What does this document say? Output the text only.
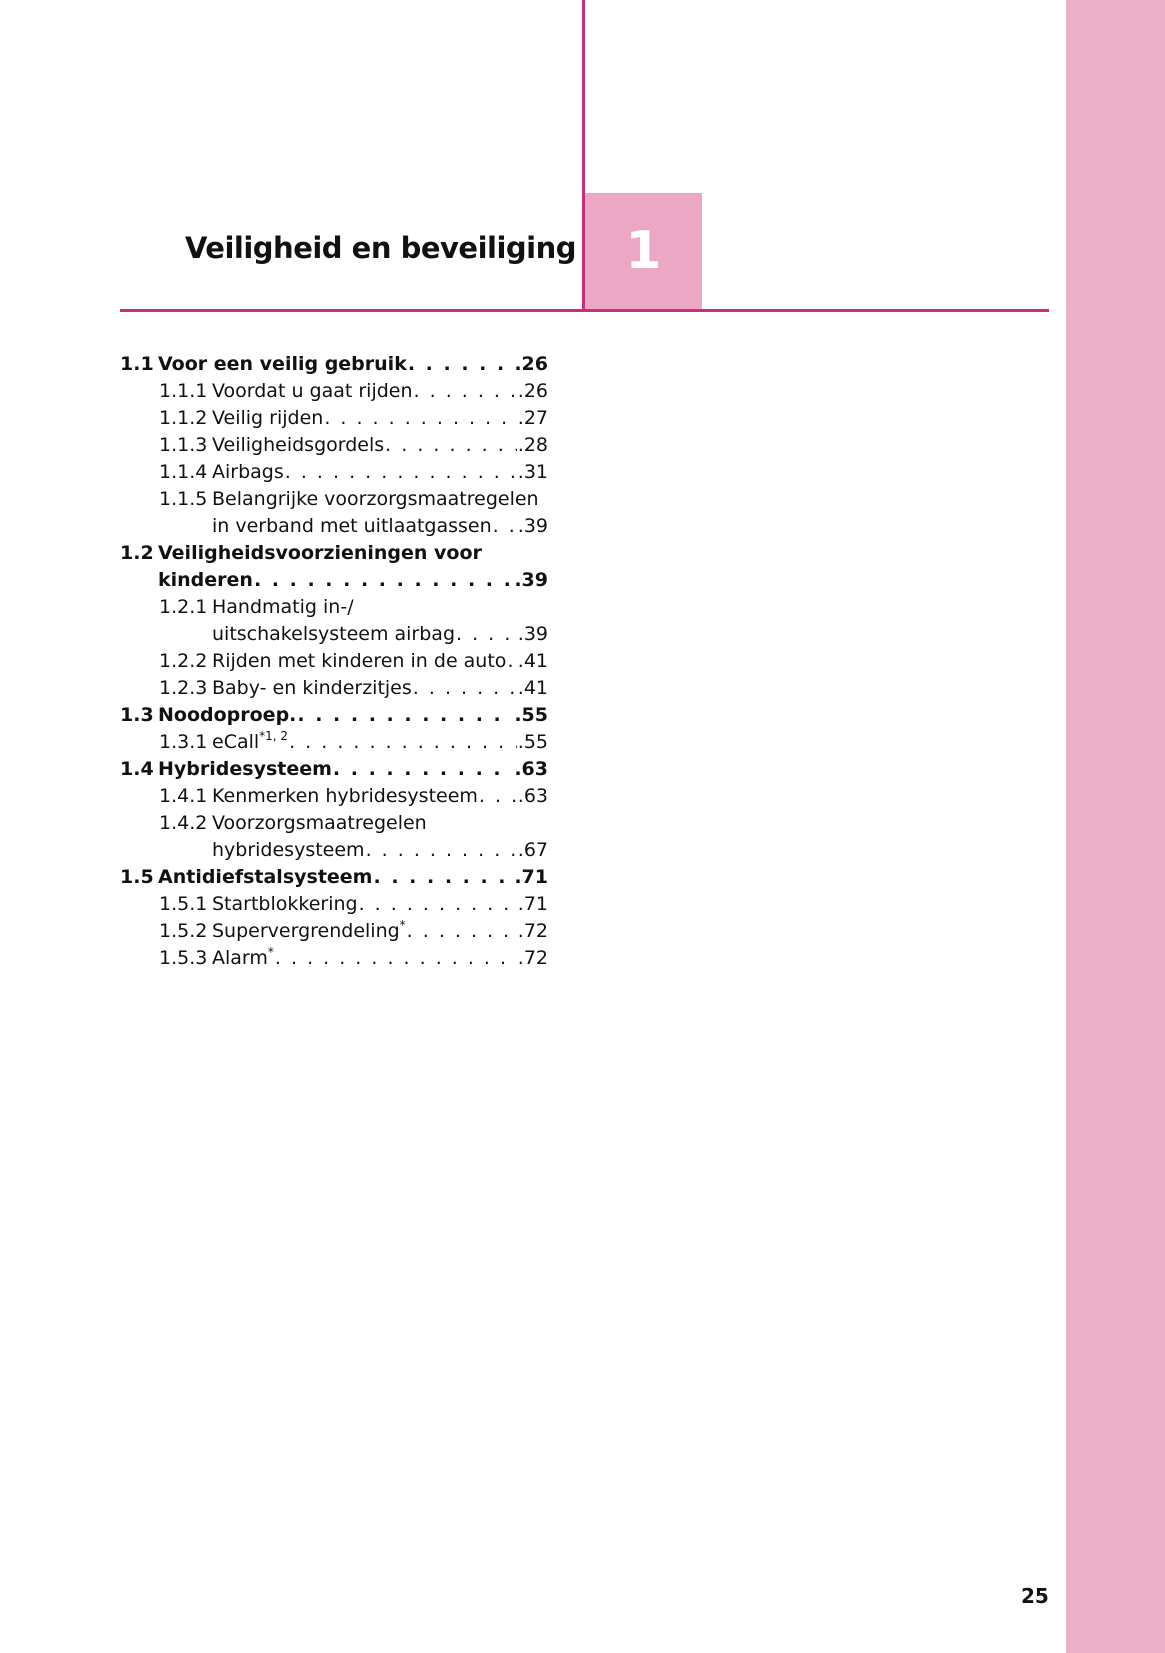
Veiligheid en beveiliging 1
1.1 Voor een veilig gebruik . . .	.26
1.1.1 Voordat u gaat rijden . . .	.26
1.1.2 Veilig rijden . . .	.27
1.1.3 Veiligheidsgordels . . .	.28
1.1.4 Airbags . . .	.31
1.1.5 Belangrijke voorzorgsmaatregelen
in verband met uitlaatgassen . . . .39
1.2 Veiligheidsvoorzieningen voor
kinderen . . .	.39
1.2.1 Handmatig in-/
uitschakelsysteem airbag . . .	.39
1.2.2 Rijden met kinderen in de auto . . . .41
1.2.3 Baby- en kinderzitjes . . .	.41
1.3 Noodoproep. . . .	.55
1.3.1 eCall$^{*1, 2}$ . . .	.55
1.4 Hybridesysteem . . .	.63
1.4.1 Kenmerken hybridesysteem . . . .63
1.4.2 Voorzorgsmaatregelen
hybridesysteem . . .	.67
1.5 Antidiefstalsysteem . . .	.71
1.5.1 Startblokkering . . .	.71
1.5.2 Supervergrendeling* . . .	.72
1.5.3 Alarm* . . .	.72
25
